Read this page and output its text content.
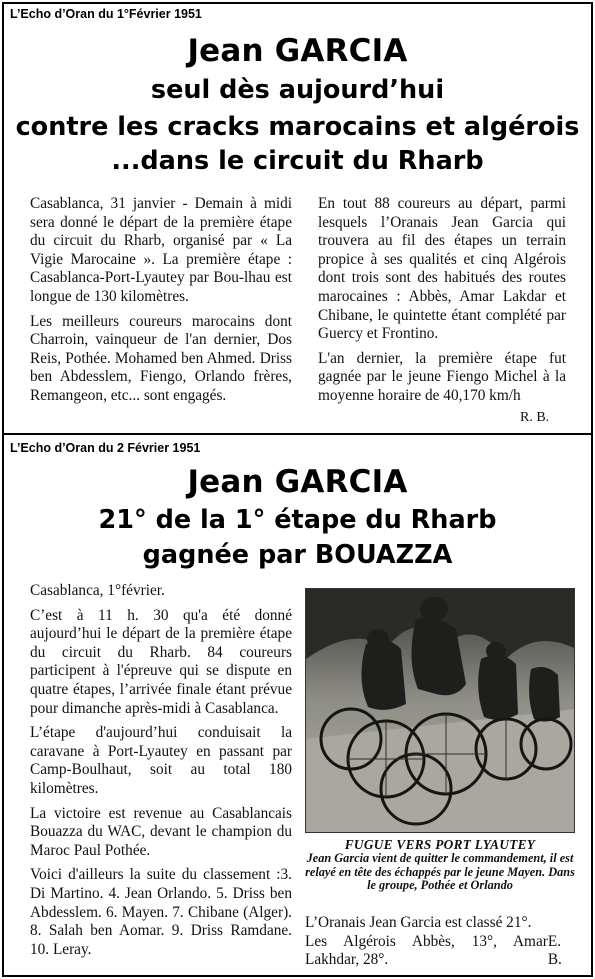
L’Echo d’Oran du 1°Février 1951
Jean GARCIA
seul dès aujourd’hui
contre les cracks marocains et algérois
...dans le circuit du Rharb

Casablanca, 31 janvier - Demain à midi sera donné le départ de la première étape du circuit du Rharb, organisé par « La Vigie Marocaine ». La première étape : Casablanca-Port-Lyautey par Bou-lhau est longue de 130 kilomètres.

Les meilleurs coureurs marocains dont Charroin, vainqueur de l'an dernier, Dos Reis, Pothée. Mohamed ben Ahmed. Driss ben Abdesslem, Fiengo, Orlando frères, Remangeon, etc... sont engagés.

En tout 88 coureurs au départ, parmi lesquels l’Oranais Jean Garcia qui trouvera au fil des étapes un terrain propice à ses qualités et cinq Algérois dont trois sont des habitués des routes marocaines : Abbès, Amar Lakdar et Chibane, le quintette étant complété par Guercy et Frontino.

L'an dernier, la première étape fut gagnée par le jeune Fiengo Michel à la moyenne horaire de 40,170 km/h

R. B.
L’Echo d’Oran du 2 Février 1951
Jean GARCIA
21° de la 1° étape du Rharb
gagnée par BOUAZZA

Casablanca, 1°février.

C’est à 11 h. 30 qu'a été donné aujourd’hui le départ de la première étape du circuit du Rharb. 84 coureurs participent à l'épreuve qui se dispute en quatre étapes, l’arrivée finale étant prévue pour dimanche après-midi à Casablanca.

L’étape d'aujourd’hui conduisait la caravane à Port-Lyautey en passant par Camp-Boulhaut, soit au total 180 kilomètres.

La victoire est revenue au Casablancais Bouazza du WAC, devant le champion du Maroc Paul Pothée.

Voici d'ailleurs la suite du classement :3. Di Martino. 4. Jean Orlando. 5. Driss ben Abdesslem. 6. Mayen. 7. Chibane (Alger). 8. Salah ben Aomar. 9. Driss Ramdane. 10. Leray.

FUGUE VERS PORT LYAUTEY
Jean Garcia vient de quitter le commandement, il est relayé en tête des échappés par le jeune Mayen. Dans le groupe, Pothée et Orlando
L’Oranais Jean Garcia est classé 21°.
Les Algérois Abbès, 13°, Amar Lakhdar, 28°.
E. B.
